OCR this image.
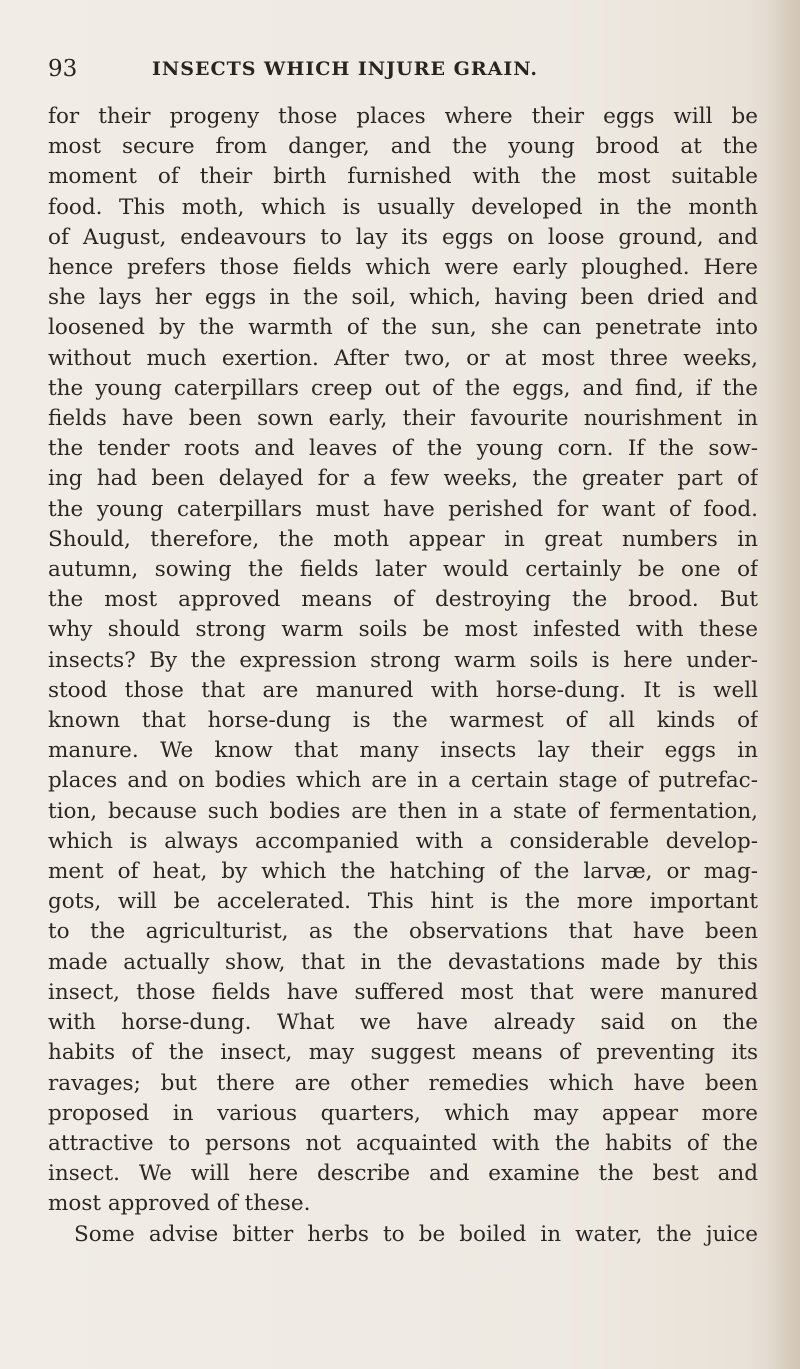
93	INSECTS WHICH INJURE GRAIN.
for their progeny those places where their eggs will be
most secure from danger, and the young brood at the
moment of their birth furnished with the most suitable
food. This moth, which is usually developed in the month
of August, endeavours to lay its eggs on loose ground, and
hence prefers those fields which were early ploughed. Here
she lays her eggs in the soil, which, having been dried and
loosened by the warmth of the sun, she can penetrate into
without much exertion. After two, or at most three weeks,
the young caterpillars creep out of the eggs, and find, if the
fields have been sown early, their favourite nourishment in
the tender roots and leaves of the young corn. If the sow-
ing had been delayed for a few weeks, the greater part of
the young caterpillars must have perished for want of food.
Should, therefore, the moth appear in great numbers in
autumn, sowing the fields later would certainly be one of
the most approved means of destroying the brood. But
why should strong warm soils be most infested with these
insects? By the expression strong warm soils is here under-
stood those that are manured with horse-dung. It is well
known that horse-dung is the warmest of all kinds of
manure. We know that many insects lay their eggs in
places and on bodies which are in a certain stage of putrefac-
tion, because such bodies are then in a state of fermentation,
which is always accompanied with a considerable develop-
ment of heat, by which the hatching of the larvæ, or mag-
gots, will be accelerated. This hint is the more important
to the agriculturist, as the observations that have been
made actually show, that in the devastations made by this
insect, those fields have suffered most that were manured
with horse-dung. What we have already said on the
habits of the insect, may suggest means of preventing its
ravages; but there are other remedies which have been
proposed in various quarters, which may appear more
attractive to persons not acquainted with the habits of the
insect. We will here describe and examine the best and
most approved of these.
Some advise bitter herbs to be boiled in water, the juice
